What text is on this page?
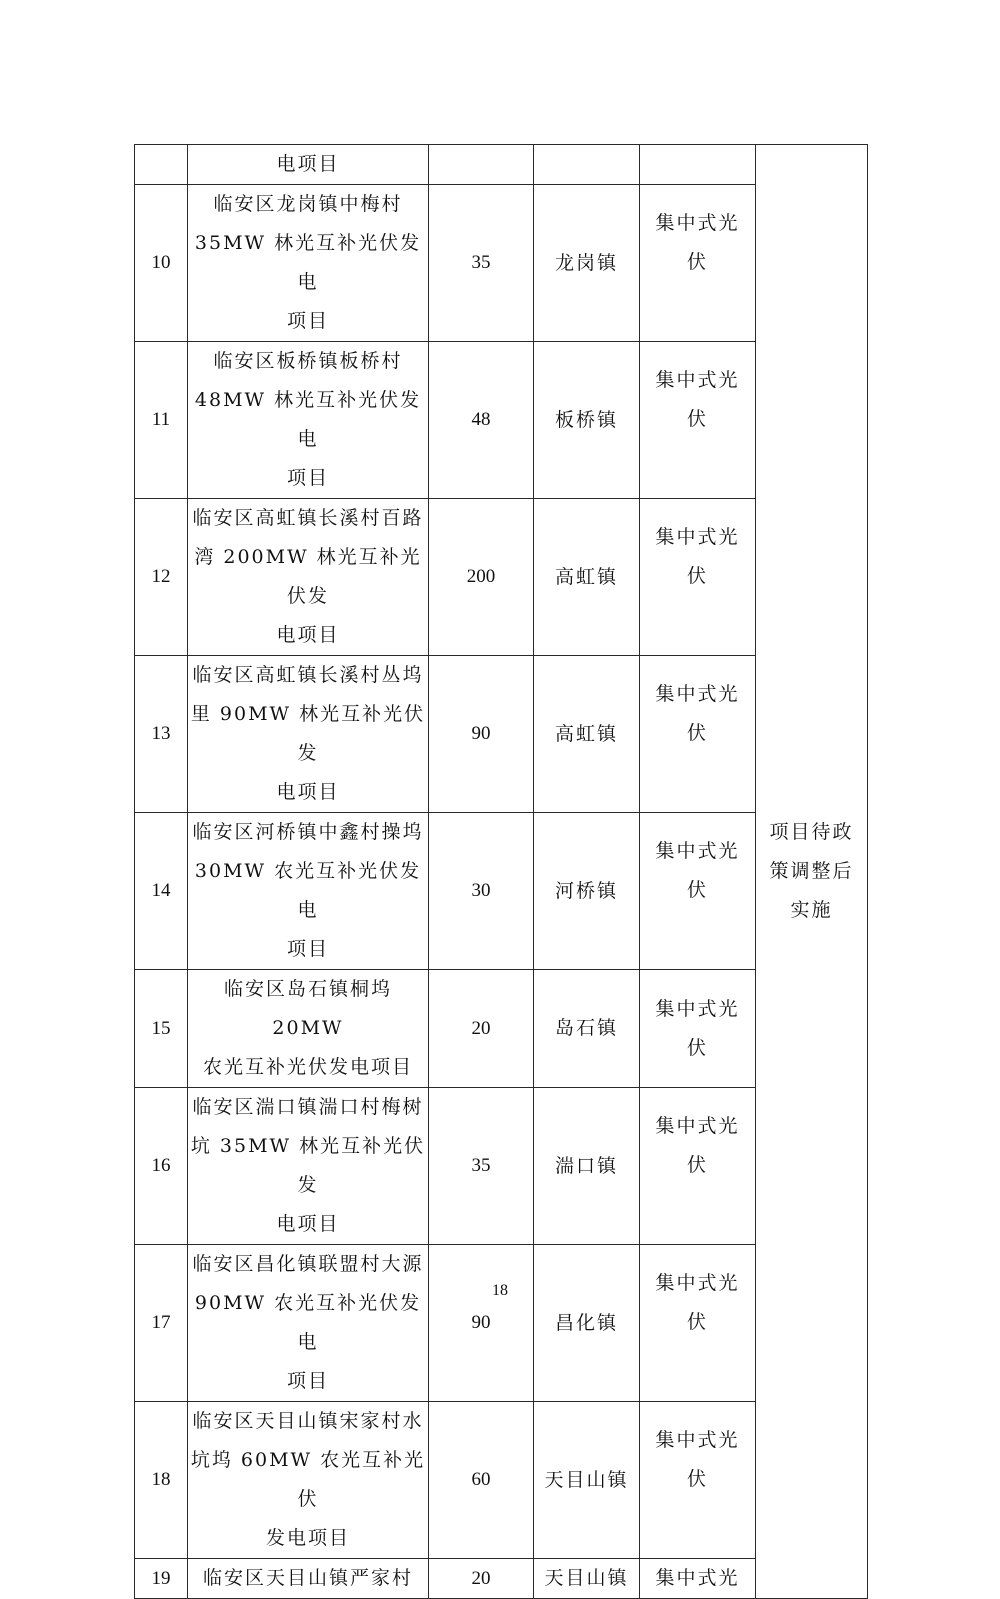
	电项目				项目待政
策调整后
实施

10	临安区龙岗镇中梅村
35MW 林光互补光伏发电
项目	35	龙岗镇	集中式光
伏	

11	临安区板桥镇板桥村
48MW 林光互补光伏发电
项目	48	板桥镇	集中式光
伏	

12	临安区高虹镇长溪村百路
湾 200MW 林光互补光伏发
电项目	200	高虹镇	集中式光
伏	

13	临安区高虹镇长溪村丛坞
里 90MW 林光互补光伏发
电项目	90	高虹镇	集中式光
伏	

14	临安区河桥镇中鑫村操坞
30MW 农光互补光伏发电
项目	30	河桥镇	集中式光
伏	

15	临安区岛石镇桐坞 20MW
农光互补光伏发电项目	20	岛石镇	集中式光
伏	

16	临安区湍口镇湍口村梅树
坑 35MW 林光互补光伏发
电项目	35	湍口镇	集中式光
伏	

17	临安区昌化镇联盟村大源
90MW 农光互补光伏发电
项目	90	昌化镇	集中式光
伏	

18	临安区天目山镇宋家村水
坑坞 60MW 农光互补光伏
发电项目	60	天目山镇	集中式光
伏	

19	临安区天目山镇严家村	20	天目山镇	集中式光	
18
